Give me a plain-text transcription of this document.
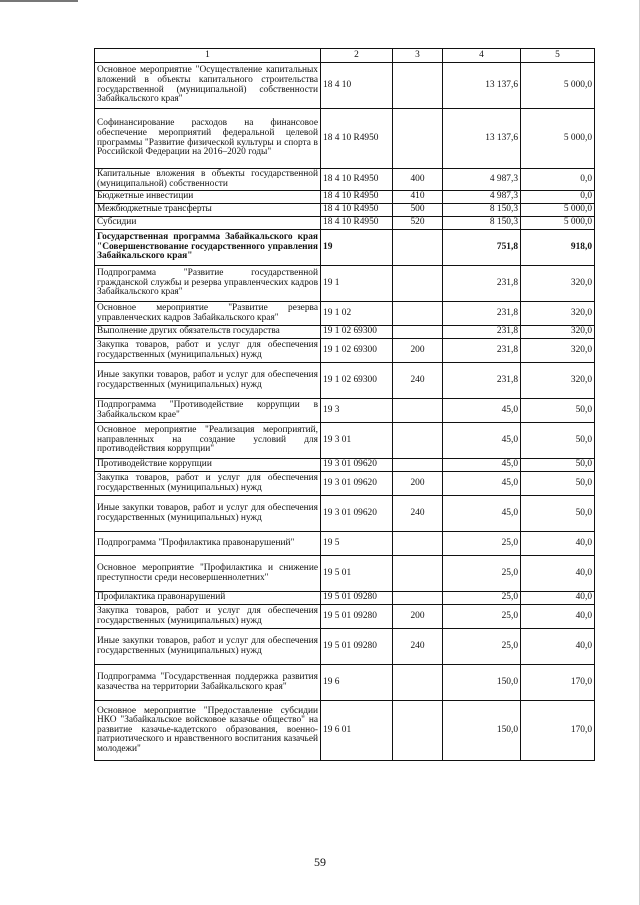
1	2	3	4	5
Основное мероприятие "Осуществление капитальных вложений в объекты капитального строительства государственной (муниципальной) собственности Забайкальского края"	18 4 10		13 137,6	5 000,0
Софинансирование расходов на финансовое обеспечение мероприятий федеральной целевой программы "Развитие физической культуры и спорта в Российской Федерации на 2016–2020 годы"	18 4 10 R4950		13 137,6	5 000,0
Капитальные вложения в объекты государственной (муниципальной) собственности	18 4 10 R4950	400	4 987,3	0,0
Бюджетные инвестиции	18 4 10 R4950	410	4 987,3	0,0
Межбюджетные трансферты	18 4 10 R4950	500	8 150,3	5 000,0
Субсидии	18 4 10 R4950	520	8 150,3	5 000,0
Государственная программа Забайкальского края "Совершенствование государственного управления Забайкальского края"	19		751,8	918,0
Подпрограмма "Развитие государственной гражданской службы и резерва управленческих кадров Забайкальского края"	19 1		231,8	320,0
Основное мероприятие "Развитие резерва управленческих кадров Забайкальского края"	19 1 02		231,8	320,0
Выполнение других обязательств государства	19 1 02 69300		231,8	320,0
Закупка товаров, работ и услуг для обеспечения государственных (муниципальных) нужд	19 1 02 69300	200	231,8	320,0
Иные закупки товаров, работ и услуг для обеспечения государственных (муниципальных) нужд	19 1 02 69300	240	231,8	320,0
Подпрограмма "Противодействие коррупции в Забайкальском крае"	19 3		45,0	50,0
Основное мероприятие "Реализация мероприятий, направленных на создание условий для противодействия коррупции"	19 3 01		45,0	50,0
Противодействие коррупции	19 3 01 09620		45,0	50,0
Закупка товаров, работ и услуг для обеспечения государственных (муниципальных) нужд	19 3 01 09620	200	45,0	50,0
Иные закупки товаров, работ и услуг для обеспечения государственных (муниципальных) нужд	19 3 01 09620	240	45,0	50,0
Подпрограмма "Профилактика правонарушений"	19 5		25,0	40,0
Основное мероприятие "Профилактика и снижение преступности среди несовершеннолетних"	19 5 01		25,0	40,0
Профилактика правонарушений	19 5 01 09280		25,0	40,0
Закупка товаров, работ и услуг для обеспечения государственных (муниципальных) нужд	19 5 01 09280	200	25,0	40,0
Иные закупки товаров, работ и услуг для обеспечения государственных (муниципальных) нужд	19 5 01 09280	240	25,0	40,0
Подпрограмма "Государственная поддержка развития казачества на территории Забайкальского края"	19 6		150,0	170,0
Основное мероприятие "Предоставление субсидии НКО "Забайкальское войсковое казачье общество" на развитие казачье-кадетского образования, военно-патриотического и нравственного воспитания казачьей молодежи"	19 6 01		150,0	170,0
59
